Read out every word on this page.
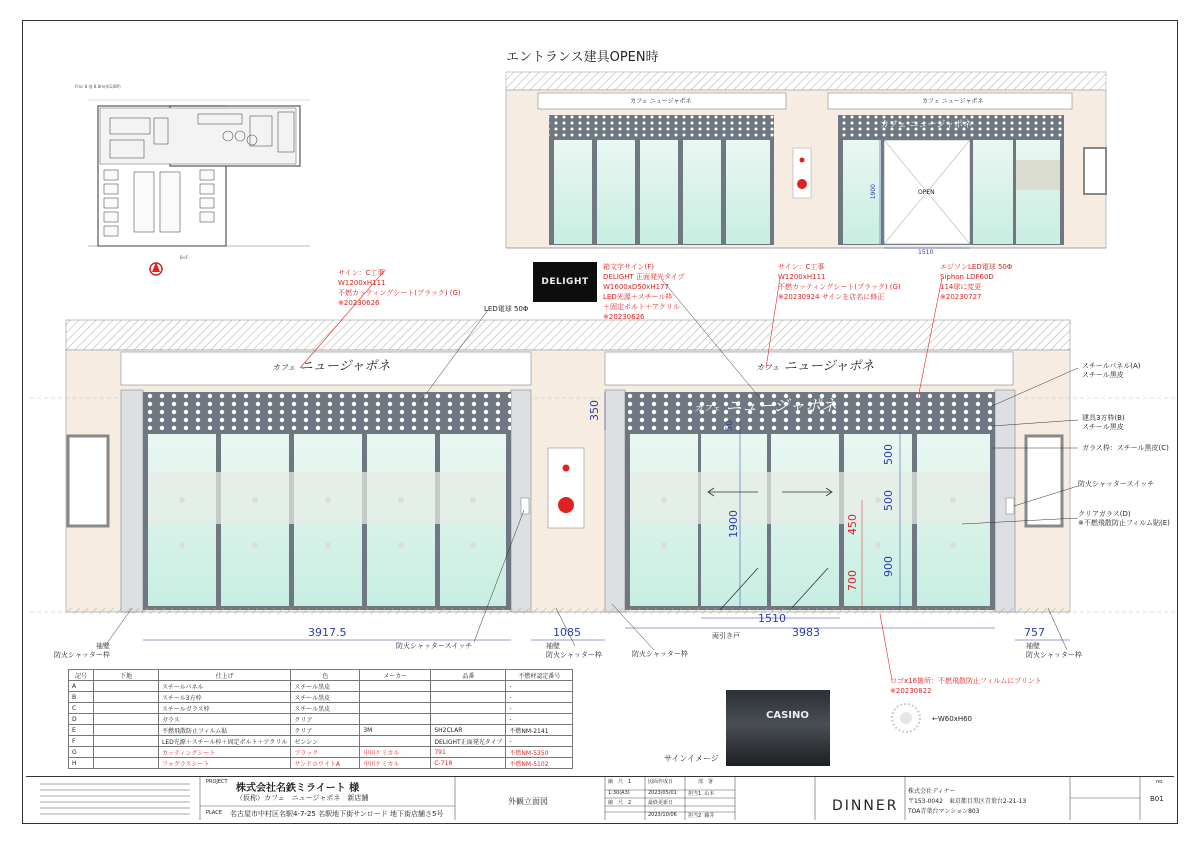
エントランス建具OPEN時
Fmc 8 地 8.8m/床G(BP)
B<F
カフェ ニュージャポネ	カフェ ニュージャポネ
カフェ ニュージャポネ
OPEN
1900
1510
カフェ ニュージャポネ	カフェ ニュージャポネ
カフェ ニュージャポネ
サイン：C工事
W1200xH111
不燃カッティングシート(ブラック) (G)
※20230626
LED電球 50Φ
箱文字サイン(F)
DELIGHT 正面発光タイプ
W1600xD50xH177
LED光源＋スチール枠
＋固定ボルト＋アクリル
※20230626
サイン：C工事
W1200xH111
不燃カッティングシート(ブラック) (G)
※20230924 サインを店名に修正
エジソンLED電球 50Φ
Siphon LDF60D
114球に変更
※20230727
ロゴx16箇所：不燃飛散防止フィルムにプリント
※20230822
←W60xH60
DELIGHT
スチールパネル(A)
スチール黒皮
建具3方枠(B)
スチール黒皮
ガラス枠：スチール黒皮(C)
防火シャッタースイッチ
クリアガラス(D)
※不燃飛散防止フィルム貼(E)
袖壁
防火シャッター枠
防火シャッタースイッチ	袖壁
防火シャッター枠	防火シャッター枠
両引き戸
袖壁
防火シャッター枠
3917.5	1085
1510
3983	757
350
50
1900
500
500
900
450
700
記号	下地	仕上げ	色	メーカー	品番	不燃材認定番号
A		スチールパネル	スチール黒皮			-
B		スチール3方枠	スチール黒皮			-
C		スチールガラス枠	スチール黒皮			-
D		ガラス	クリア			-
E		不燃飛散防止フィルム貼	クリア	3M	SH2CLAR	不燃NM-2141
F		LED光源＋スチール枠＋固定ボルト＋アクリル	ゼンシン		DELIGHT正面発光タイプ	-
G		カッティングシート	ブラック	中川ケミカル	791	不燃NM-5350
H		フォグラスシート	サンドホワイトA	中川ケミカル	C-718	不燃NM-5102
サインイメージ
CASINO
PROJECT
株式会社名鉄ミライート 様
（仮称）カフェ　ニュージャポネ　新店舗
PLACE 名古屋市中村区名駅4-7-25 名駅地下街サンロード 地下街店舗さ5号
外観立面図
縮　尺　1
1:30(A3)
縮　尺　2
図面作成日
2023/05/01
最終更新日
2023/10/06
部　署
担当1  山本
担当2  藤井
DINNER
株式会社ディナー
〒153-0042　東京都目黒区青葉台2-21-13
TOA青葉台マンション803
no.
B01
